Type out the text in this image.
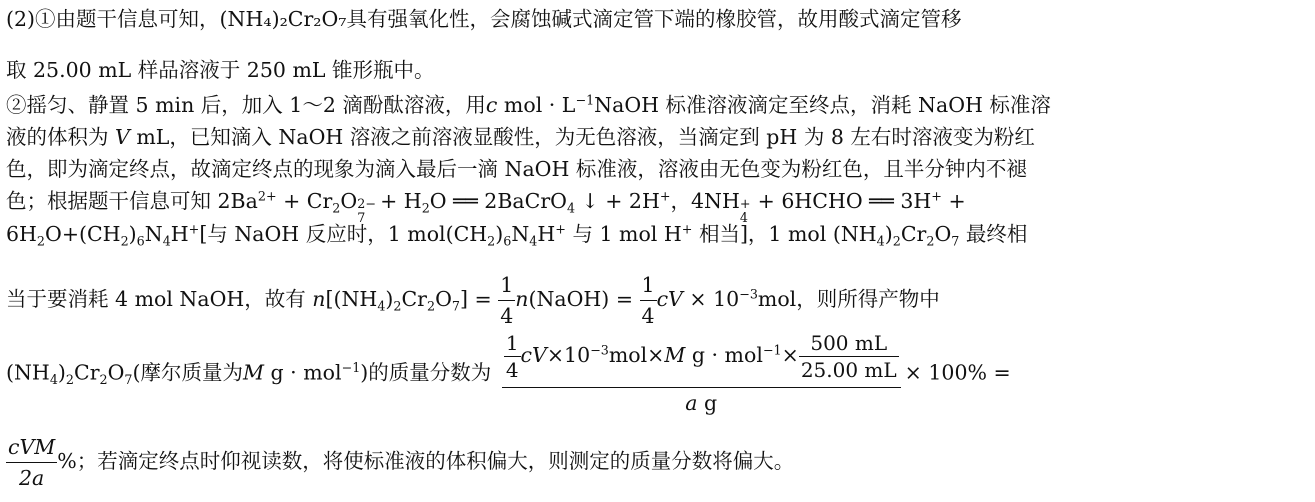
(2)①由题干信息可知，(NH₄)₂Cr₂O₇具有强氧化性，会腐蚀碱式滴定管下端的橡胶管，故用酸式滴定管移
取 25.00 mL 样品溶液于 250 mL 锥形瓶中。
②摇匀、静置 5 min 后，加入 1～2 滴酚酞溶液，用c mol · $L^{-1}NaOH$ 标准溶液滴定至终点，消耗 NaOH 标准溶
液的体积为 V mL，已知滴入 NaOH 溶液之前溶液显酸性，为无色溶液，当滴定到 pH 为 8 左右时溶液变为粉红
色，即为滴定终点，故滴定终点的现象为滴入最后一滴 NaOH 标准液，溶液由无色变为粉红色，且半分钟内不褪
色；根据题干信息可知 $2Ba^{2+} + Cr_2O$ 2−
7
+ $H_2O$ ══ 2BaCrO$_4$ ↓ + 2H+，4NH +
4
+ 6HCHO ══ 3H+ +
$6H_2O+(CH_2)_6N_4H^+$[与 NaOH 反应时，1 $mol(CH_2)_6N_4H^+$ 与 1 mol H+ 相当]，1 mol $(NH_4)_2Cr_2O_7$ 最终相
当于要消耗 4 mol NaOH，故有 $n[(NH_4)_2Cr_2O_7] = \frac{1}{4}$ n(NaOH) = $\frac{1}{4}$ cV × $10^{-3}mol$，则所得产物中
$(NH_4)_2Cr_2O_7$(摩尔质量为M g · mol$^{-1}$)的质量分数为 $\frac{\frac{1}{4} cV\times 10^{-3}mol\times M g \cdot mol^{-1}\times \frac{500 mL}{25.00 mL}}{\text{a g}} \times 100\%$ =
$\frac{\text{cVM}}{2a}$ %；若滴定终点时仰视读数，将使标准液的体积偏大，则测定的质量分数将偏大。
